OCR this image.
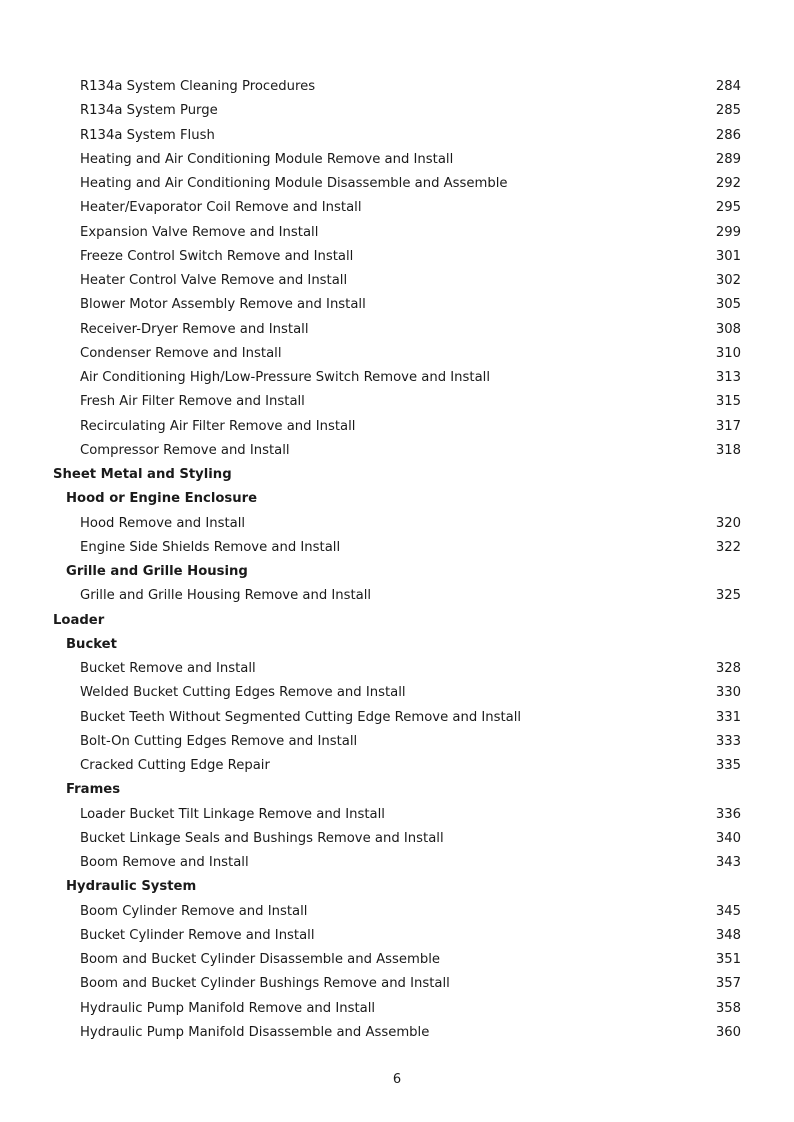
R134a System Cleaning Procedures	284
R134a System Purge	285
R134a System Flush	286
Heating and Air Conditioning Module Remove and Install	289
Heating and Air Conditioning Module Disassemble and Assemble	292
Heater/Evaporator Coil Remove and Install	295
Expansion Valve Remove and Install	299
Freeze Control Switch Remove and Install	301
Heater Control Valve Remove and Install	302
Blower Motor Assembly Remove and Install	305
Receiver-Dryer Remove and Install	308
Condenser Remove and Install	310
Air Conditioning High/Low-Pressure Switch Remove and Install	313
Fresh Air Filter Remove and Install	315
Recirculating Air Filter Remove and Install	317
Compressor Remove and Install	318
Sheet Metal and Styling
Hood or Engine Enclosure
Hood Remove and Install	320
Engine Side Shields Remove and Install	322
Grille and Grille Housing
Grille and Grille Housing Remove and Install	325
Loader
Bucket
Bucket Remove and Install	328
Welded Bucket Cutting Edges Remove and Install	330
Bucket Teeth Without Segmented Cutting Edge Remove and Install	331
Bolt-On Cutting Edges Remove and Install	333
Cracked Cutting Edge Repair	335
Frames
Loader Bucket Tilt Linkage Remove and Install	336
Bucket Linkage Seals and Bushings Remove and Install	340
Boom Remove and Install	343
Hydraulic System
Boom Cylinder Remove and Install	345
Bucket Cylinder Remove and Install	348
Boom and Bucket Cylinder Disassemble and Assemble	351
Boom and Bucket Cylinder Bushings Remove and Install	357
Hydraulic Pump Manifold Remove and Install	358
Hydraulic Pump Manifold Disassemble and Assemble	360
6
